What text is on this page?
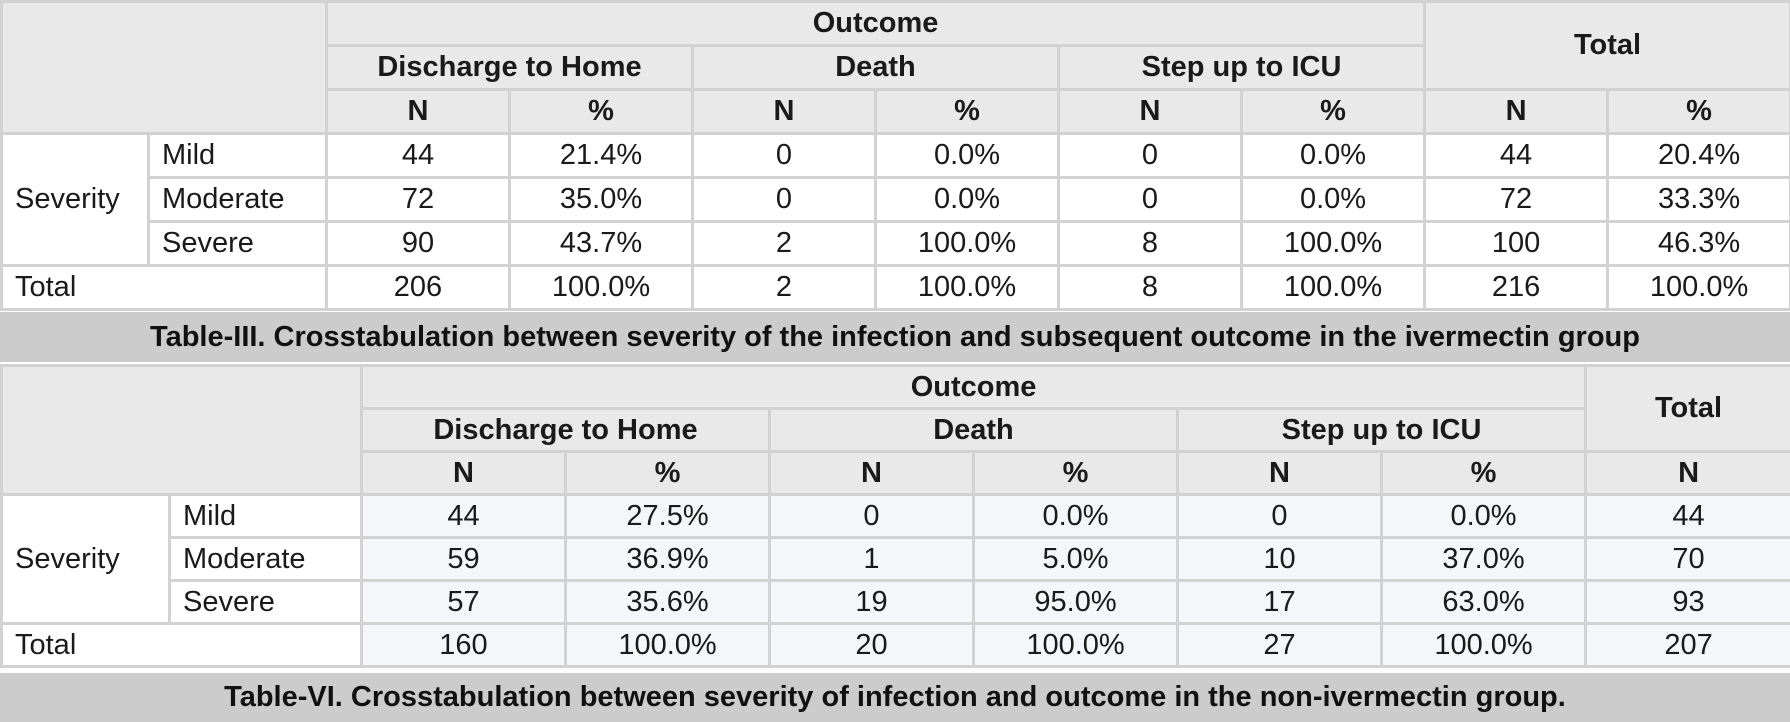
		Outcome						Total	
		Discharge to Home		Death		Step up to ICU			
		N	%	N	%	N	%	N	%
Severity	Mild	44	21.4%	0	0.0%	0	0.0%	44	20.4%
	Moderate	72	35.0%	0	0.0%	0	0.0%	72	33.3%
	Severe	90	43.7%	2	100.0%	8	100.0%	100	46.3%
Total		206	100.0%	2	100.0%	8	100.0%	216	100.0%
Table-III. Crosstabulation between severity of the infection and subsequent outcome in the ivermectin group
		Outcome						Total
		Discharge to Home		Death		Step up to ICU		
		N	%	N	%	N	%	N
Severity	Mild	44	27.5%	0	0.0%	0	0.0%	44
	Moderate	59	36.9%	1	5.0%	10	37.0%	70
	Severe	57	35.6%	19	95.0%	17	63.0%	93
Total		160	100.0%	20	100.0%	27	100.0%	207
Table-VI. Crosstabulation between severity of infection and outcome in the non-ivermectin group.
